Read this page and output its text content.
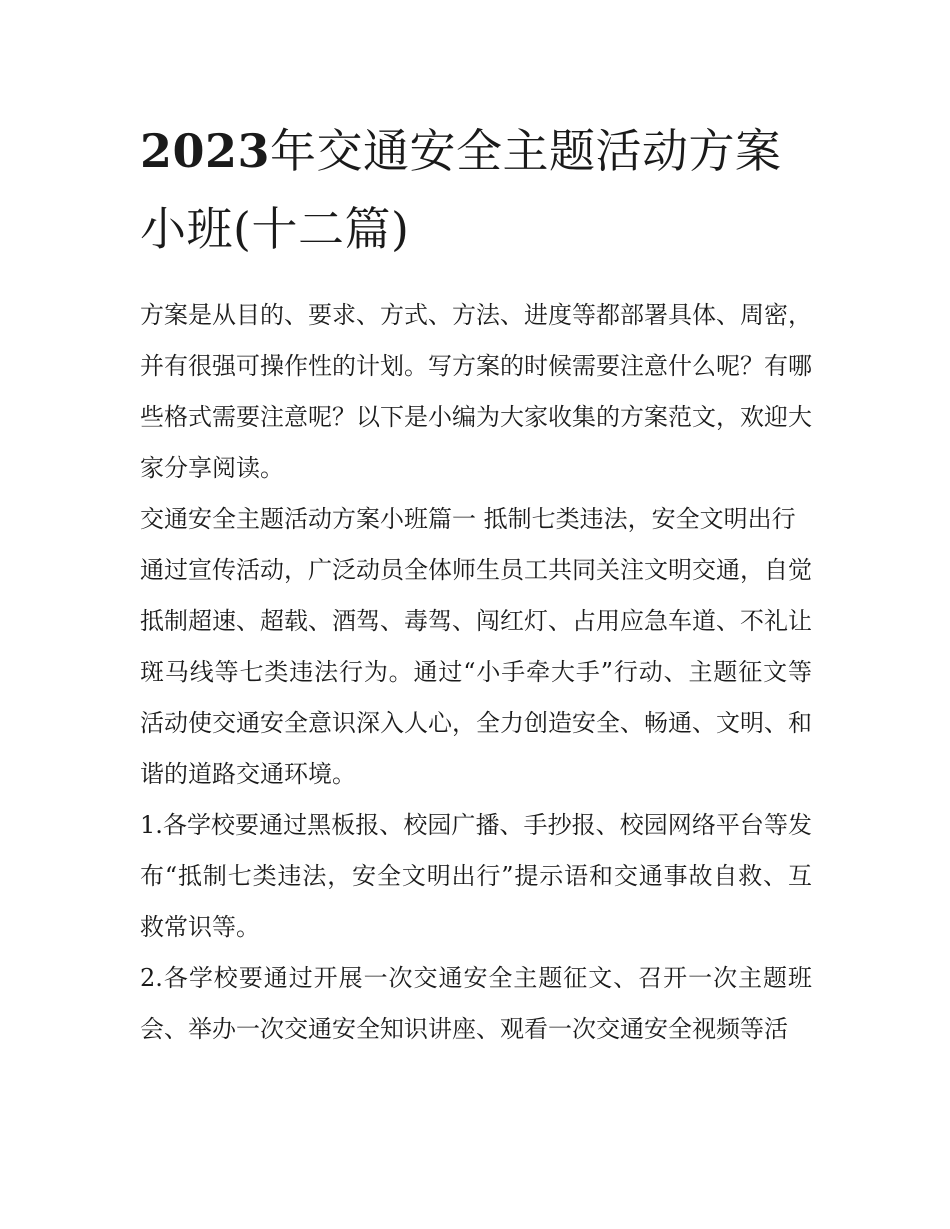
2023年交通安全主题活动方案小班(十二篇)

方案是从目的、要求、方式、方法、进度等都部署具体、周密，并有很强可操作性的计划。写方案的时候需要注意什么呢？有哪些格式需要注意呢？以下是小编为大家收集的方案范文，欢迎大家分享阅读。

交通安全主题活动方案小班篇一 抵制七类违法，安全文明出行

通过宣传活动，广泛动员全体师生员工共同关注文明交通，自觉抵制超速、超载、酒驾、毒驾、闯红灯、占用应急车道、不礼让斑马线等七类违法行为。通过“小手牵大手”行动、主题征文等活动使交通安全意识深入人心，全力创造安全、畅通、文明、和谐的道路交通环境。

1.各学校要通过黑板报、校园广播、手抄报、校园网络平台等发布“抵制七类违法，安全文明出行”提示语和交通事故自救、互救常识等。

2.各学校要通过开展一次交通安全主题征文、召开一次主题班会、举办一次交通安全知识讲座、观看一次交通安全视频等活
